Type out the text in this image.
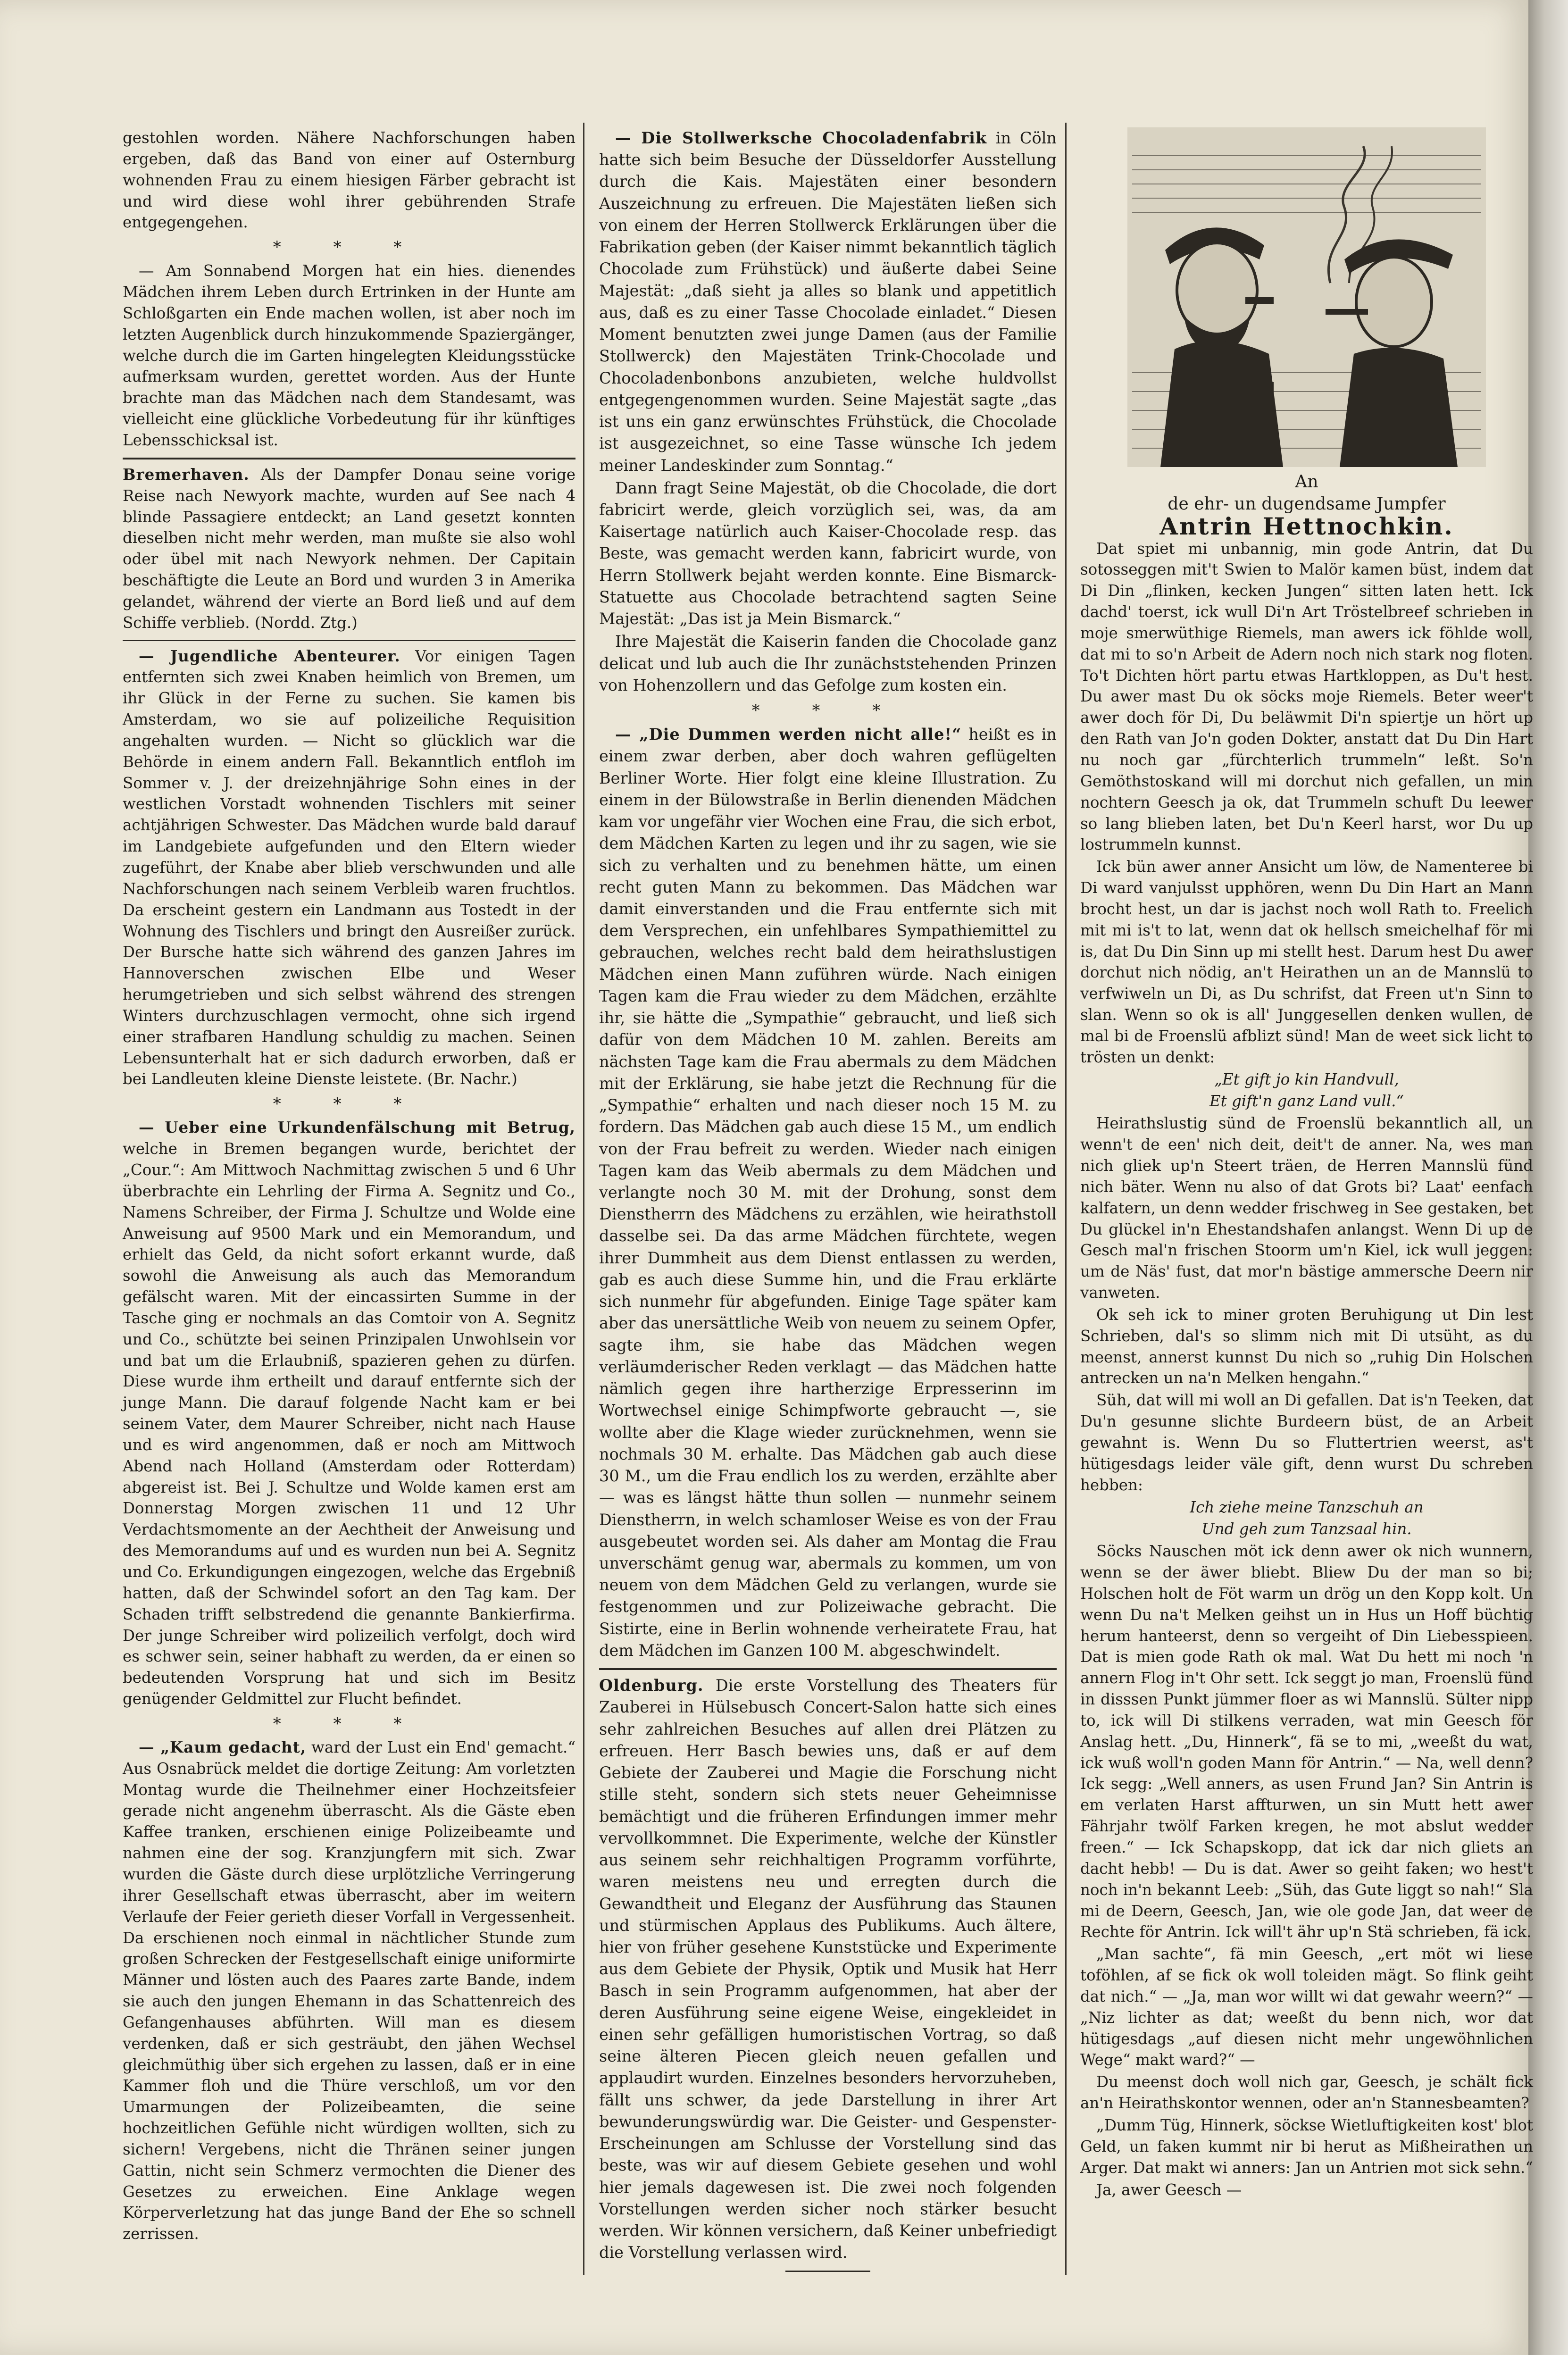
gestohlen worden. Nähere Nachforschungen haben ergeben, daß das Band von einer auf Osternburg wohnenden Frau zu einem hiesigen Färber gebracht ist und wird diese wohl ihrer gebührenden Strafe entgegengehen.

* * *

— Am Sonnabend Morgen hat ein hies. dienendes Mädchen ihrem Leben durch Ertrinken in der Hunte am Schloßgarten ein Ende machen wollen, ist aber noch im letzten Augenblick durch hinzukommende Spaziergänger, welche durch die im Garten hingelegten Kleidungsstücke aufmerksam wurden, gerettet worden. Aus der Hunte brachte man das Mädchen nach dem Standesamt, was vielleicht eine glückliche Vorbedeutung für ihr künftiges Lebensschicksal ist.

Bremerhaven. Als der Dampfer Donau seine vorige Reise nach Newyork machte, wurden auf See nach 4 blinde Passagiere entdeckt; an Land gesetzt konnten dieselben nicht mehr werden, man mußte sie also wohl oder übel mit nach Newyork nehmen. Der Capitain beschäftigte die Leute an Bord und wurden 3 in Amerika gelandet, während der vierte an Bord ließ und auf dem Schiffe verblieb. (Nordd. Ztg.)

— Jugendliche Abenteurer. Vor einigen Tagen entfernten sich zwei Knaben heimlich von Bremen, um ihr Glück in der Ferne zu suchen. Sie kamen bis Amsterdam, wo sie auf polizeiliche Requisition angehalten wurden. — Nicht so glücklich war die Behörde in einem andern Fall. Bekanntlich entfloh im Sommer v. J. der dreizehnjährige Sohn eines in der westlichen Vorstadt wohnenden Tischlers mit seiner achtjährigen Schwester. Das Mädchen wurde bald darauf im Landgebiete aufgefunden und den Eltern wieder zugeführt, der Knabe aber blieb verschwunden und alle Nachforschungen nach seinem Verbleib waren fruchtlos. Da erscheint gestern ein Landmann aus Tostedt in der Wohnung des Tischlers und bringt den Ausreißer zurück. Der Bursche hatte sich während des ganzen Jahres im Hannoverschen zwischen Elbe und Weser herumgetrieben und sich selbst während des strengen Winters durchzuschlagen vermocht, ohne sich irgend einer strafbaren Handlung schuldig zu machen. Seinen Lebensunterhalt hat er sich dadurch erworben, daß er bei Landleuten kleine Dienste leistete. (Br. Nachr.)

* * *

— Ueber eine Urkundenfälschung mit Betrug, welche in Bremen begangen wurde, berichtet der „Cour.“: Am Mittwoch Nachmittag zwischen 5 und 6 Uhr überbrachte ein Lehrling der Firma A. Segnitz und Co., Namens Schreiber, der Firma J. Schultze und Wolde eine Anweisung auf 9500 Mark und ein Memorandum, und erhielt das Geld, da nicht sofort erkannt wurde, daß sowohl die Anweisung als auch das Memorandum gefälscht waren. Mit der eincassirten Summe in der Tasche ging er nochmals an das Comtoir von A. Segnitz und Co., schützte bei seinen Prinzipalen Unwohlsein vor und bat um die Erlaubniß, spazieren gehen zu dürfen. Diese wurde ihm ertheilt und darauf entfernte sich der junge Mann. Die darauf folgende Nacht kam er bei seinem Vater, dem Maurer Schreiber, nicht nach Hause und es wird angenommen, daß er noch am Mittwoch Abend nach Holland (Amsterdam oder Rotterdam) abgereist ist. Bei J. Schultze und Wolde kamen erst am Donnerstag Morgen zwischen 11 und 12 Uhr Verdachtsmomente an der Aechtheit der Anweisung und des Memorandums auf und es wurden nun bei A. Segnitz und Co. Erkundigungen eingezogen, welche das Ergebniß hatten, daß der Schwindel sofort an den Tag kam. Der Schaden trifft selbstredend die genannte Bankierfirma. Der junge Schreiber wird polizeilich verfolgt, doch wird es schwer sein, seiner habhaft zu werden, da er einen so bedeutenden Vorsprung hat und sich im Besitz genügender Geldmittel zur Flucht befindet.

* * *

— „Kaum gedacht, ward der Lust ein End' gemacht.“ Aus Osnabrück meldet die dortige Zeitung: Am vorletzten Montag wurde die Theilnehmer einer Hochzeitsfeier gerade nicht angenehm überrascht. Als die Gäste eben Kaffee tranken, erschienen einige Polizeibeamte und nahmen eine der sog. Kranzjungfern mit sich. Zwar wurden die Gäste durch diese urplötzliche Verringerung ihrer Gesellschaft etwas überrascht, aber im weitern Verlaufe der Feier gerieth dieser Vorfall in Vergessenheit. Da erschienen noch einmal in nächtlicher Stunde zum großen Schrecken der Festgesellschaft einige uniformirte Männer und lösten auch des Paares zarte Bande, indem sie auch den jungen Ehemann in das Schattenreich des Gefangenhauses abführten. Will man es diesem verdenken, daß er sich gesträubt, den jähen Wechsel gleichmüthig über sich ergehen zu lassen, daß er in eine Kammer floh und die Thüre verschloß, um vor den Umarmungen der Polizeibeamten, die seine hochzeitlichen Gefühle nicht würdigen wollten, sich zu sichern! Vergebens, nicht die Thränen seiner jungen Gattin, nicht sein Schmerz vermochten die Diener des Gesetzes zu erweichen. Eine Anklage wegen Körperverletzung hat das junge Band der Ehe so schnell zerrissen.

— Die Stollwerksche Chocoladenfabrik in Cöln hatte sich beim Besuche der Düsseldorfer Ausstellung durch die Kais. Majestäten einer besondern Auszeichnung zu erfreuen. Die Majestäten ließen sich von einem der Herren Stollwerck Erklärungen über die Fabrikation geben (der Kaiser nimmt bekanntlich täglich Chocolade zum Frühstück) und äußerte dabei Seine Majestät: „daß sieht ja alles so blank und appetitlich aus, daß es zu einer Tasse Chocolade einladet.“ Diesen Moment benutzten zwei junge Damen (aus der Familie Stollwerck) den Majestäten Trink-Chocolade und Chocoladenbonbons anzubieten, welche huldvollst entgegengenommen wurden. Seine Majestät sagte „das ist uns ein ganz erwünschtes Frühstück, die Chocolade ist ausgezeichnet, so eine Tasse wünsche Ich jedem meiner Landeskinder zum Sonntag.“

Dann fragt Seine Majestät, ob die Chocolade, die dort fabricirt werde, gleich vorzüglich sei, was, da am Kaisertage natürlich auch Kaiser-Chocolade resp. das Beste, was gemacht werden kann, fabricirt wurde, von Herrn Stollwerk bejaht werden konnte. Eine Bismarck-Statuette aus Chocolade betrachtend sagten Seine Majestät: „Das ist ja Mein Bismarck.“

Ihre Majestät die Kaiserin fanden die Chocolade ganz delicat und lub auch die Ihr zunächststehenden Prinzen von Hohenzollern und das Gefolge zum kosten ein.

* * *

— „Die Dummen werden nicht alle!“ heißt es in einem zwar derben, aber doch wahren geflügelten Berliner Worte. Hier folgt eine kleine Illustration. Zu einem in der Bülowstraße in Berlin dienenden Mädchen kam vor ungefähr vier Wochen eine Frau, die sich erbot, dem Mädchen Karten zu legen und ihr zu sagen, wie sie sich zu verhalten und zu benehmen hätte, um einen recht guten Mann zu bekommen. Das Mädchen war damit einverstanden und die Frau entfernte sich mit dem Versprechen, ein unfehlbares Sympathiemittel zu gebrauchen, welches recht bald dem heirathslustigen Mädchen einen Mann zuführen würde. Nach einigen Tagen kam die Frau wieder zu dem Mädchen, erzählte ihr, sie hätte die „Sympathie“ gebraucht, und ließ sich dafür von dem Mädchen 10 M. zahlen. Bereits am nächsten Tage kam die Frau abermals zu dem Mädchen mit der Erklärung, sie habe jetzt die Rechnung für die „Sympathie“ erhalten und nach dieser noch 15 M. zu fordern. Das Mädchen gab auch diese 15 M., um endlich von der Frau befreit zu werden. Wieder nach einigen Tagen kam das Weib abermals zu dem Mädchen und verlangte noch 30 M. mit der Drohung, sonst dem Dienstherrn des Mädchens zu erzählen, wie heirathstoll dasselbe sei. Da das arme Mädchen fürchtete, wegen ihrer Dummheit aus dem Dienst entlassen zu werden, gab es auch diese Summe hin, und die Frau erklärte sich nunmehr für abgefunden. Einige Tage später kam aber das unersättliche Weib von neuem zu seinem Opfer, sagte ihm, sie habe das Mädchen wegen verläumderischer Reden verklagt — das Mädchen hatte nämlich gegen ihre hartherzige Erpresserinn im Wortwechsel einige Schimpfworte gebraucht —, sie wollte aber die Klage wieder zurücknehmen, wenn sie nochmals 30 M. erhalte. Das Mädchen gab auch diese 30 M., um die Frau endlich los zu werden, erzählte aber — was es längst hätte thun sollen — nunmehr seinem Dienstherrn, in welch schamloser Weise es von der Frau ausgebeutet worden sei. Als daher am Montag die Frau unverschämt genug war, abermals zu kommen, um von neuem von dem Mädchen Geld zu verlangen, wurde sie festgenommen und zur Polizeiwache gebracht. Die Sistirte, eine in Berlin wohnende verheiratete Frau, hat dem Mädchen im Ganzen 100 M. abgeschwindelt.

Oldenburg. Die erste Vorstellung des Theaters für Zauberei in Hülsebusch Concert-Salon hatte sich eines sehr zahlreichen Besuches auf allen drei Plätzen zu erfreuen. Herr Basch bewies uns, daß er auf dem Gebiete der Zauberei und Magie die Forschung nicht stille steht, sondern sich stets neuer Geheimnisse bemächtigt und die früheren Erfindungen immer mehr vervollkommnet. Die Experimente, welche der Künstler aus seinem sehr reichhaltigen Programm vorführte, waren meistens neu und erregten durch die Gewandtheit und Eleganz der Ausführung das Staunen und stürmischen Applaus des Publikums. Auch ältere, hier von früher gesehene Kunststücke und Experimente aus dem Gebiete der Physik, Optik und Musik hat Herr Basch in sein Programm aufgenommen, hat aber der deren Ausführung seine eigene Weise, eingekleidet in einen sehr gefälligen humoristischen Vortrag, so daß seine älteren Piecen gleich neuen gefallen und applaudirt wurden. Einzelnes besonders hervorzuheben, fällt uns schwer, da jede Darstellung in ihrer Art bewunderungswürdig war. Die Geister- und Gespenster-Erscheinungen am Schlusse der Vorstellung sind das beste, was wir auf diesem Gebiete gesehen und wohl hier jemals dagewesen ist. Die zwei noch folgenden Vorstellungen werden sicher noch stärker besucht werden. Wir können versichern, daß Keiner unbefriedigt die Vorstellung verlassen wird.

An

de ehr- un dugendsame Jumpfer

Antrin Hettnochkin.

Dat spiet mi unbannig, min gode Antrin, dat Du sotosseggen mit't Swien to Malör kamen büst, indem dat Di Din „flinken, kecken Jungen“ sitten laten hett. Ick dachd' toerst, ick wull Di'n Art Tröstelbreef schrieben in moje smerwüthige Riemels, man awers ick föhlde woll, dat mi to so'n Arbeit de Adern noch nich stark nog floten. To't Dichten hört partu etwas Hartkloppen, as Du't hest. Du awer mast Du ok söcks moje Riemels. Beter weer't awer doch för Di, Du beläwmit Di'n spiertje un hört up den Rath van Jo'n goden Dokter, anstatt dat Du Din Hart nu noch gar „fürchterlich trummeln“ leßt. So'n Gemöthstoskand will mi dorchut nich gefallen, un min nochtern Geesch ja ok, dat Trummeln schuft Du leewer so lang blieben laten, bet Du'n Keerl harst, wor Du up lostrummeln kunnst.

Ick bün awer anner Ansicht um löw, de Namenteree bi Di ward vanjulsst upphören, wenn Du Din Hart an Mann brocht hest, un dar is jachst noch woll Rath to. Freelich mit mi is't to lat, wenn dat ok hellsch smeichelhaf för mi is, dat Du Din Sinn up mi stellt hest. Darum hest Du awer dorchut nich nödig, an't Heirathen un an de Mannslü to verfwiweln un Di, as Du schrifst, dat Freen ut'n Sinn to slan. Wenn so ok is all' Junggesellen denken wullen, de mal bi de Froenslü afblizt sünd! Man de weet sick licht to trösten un denkt:

„Et gift jo kin Handvull,

Et gift'n ganz Land vull.“

Heirathslustig sünd de Froenslü bekanntlich all, un wenn't de een' nich deit, deit't de anner. Na, wes man nich gliek up'n Steert träen, de Herren Mannslü fünd nich bäter. Wenn nu also of dat Grots bi? Laat' eenfach kalfatern, un denn wedder frischweg in See gestaken, bet Du glückel in'n Ehestandshafen anlangst. Wenn Di up de Gesch mal'n frischen Stoorm um'n Kiel, ick wull jeggen: um de Näs' fust, dat mor'n bästige ammersche Deern nir vanweten.

Ok seh ick to miner groten Beruhigung ut Din lest Schrieben, dal's so slimm nich mit Di utsüht, as du meenst, annerst kunnst Du nich so „ruhig Din Holschen antrecken un na'n Melken hengahn.“

Süh, dat will mi woll an Di gefallen. Dat is'n Teeken, dat Du'n gesunne slichte Burdeern büst, de an Arbeit gewahnt is. Wenn Du so Fluttertrien weerst, as't hütigesdags leider väle gift, denn wurst Du schreben hebben:

Ich ziehe meine Tanzschuh an

Und geh zum Tanzsaal hin.

Söcks Nauschen möt ick denn awer ok nich wunnern, wenn se der äwer bliebt. Bliew Du der man so bi; Holschen holt de Föt warm un drög un den Kopp kolt. Un wenn Du na't Melken geihst un in Hus un Hoff büchtig herum hanteerst, denn so vergeiht of Din Liebesspieen. Dat is mien gode Rath ok mal. Wat Du hett mi noch 'n annern Flog in't Ohr sett. Ick seggt jo man, Froenslü fünd in disssen Punkt jümmer floer as wi Mannslü. Sülter nipp to, ick will Di stilkens verraden, wat min Geesch för Anslag hett. „Du, Hinnerk“, fä se to mi, „weeßt du wat, ick wuß woll'n goden Mann för Antrin.“ — Na, well denn? Ick segg: „Well anners, as usen Frund Jan? Sin Antrin is em verlaten Harst affturwen, un sin Mutt hett awer Fährjahr twölf Farken kregen, he mot abslut wedder freen.“ — Ick Schapskopp, dat ick dar nich gliets an dacht hebb! — Du is dat. Awer so geiht faken; wo hest't noch in'n bekannt Leeb: „Süh, das Gute liggt so nah!“ Sla mi de Deern, Geesch, Jan, wie ole gode Jan, dat weer de Rechte för Antrin. Ick will't ähr up'n Stä schrieben, fä ick.

„Man sachte“, fä min Geesch, „ert möt wi liese toföhlen, af se fick ok woll toleiden mägt. So flink geiht dat nich.“ — „Ja, man wor willt wi dat gewahr weern?“ — „Niz lichter as dat; weeßt du benn nich, wor dat hütigesdags „auf diesen nicht mehr ungewöhnlichen Wege“ makt ward?“ —

Du meenst doch woll nich gar, Geesch, je schält fick an'n Heirathskontor wennen, oder an'n Stannesbeamten?

„Dumm Tüg, Hinnerk, söckse Wietluftigkeiten kost' blot Geld, un faken kummt nir bi herut as Mißheirathen un Arger. Dat makt wi anners: Jan un Antrien mot sick sehn.“

Ja, awer Geesch —
